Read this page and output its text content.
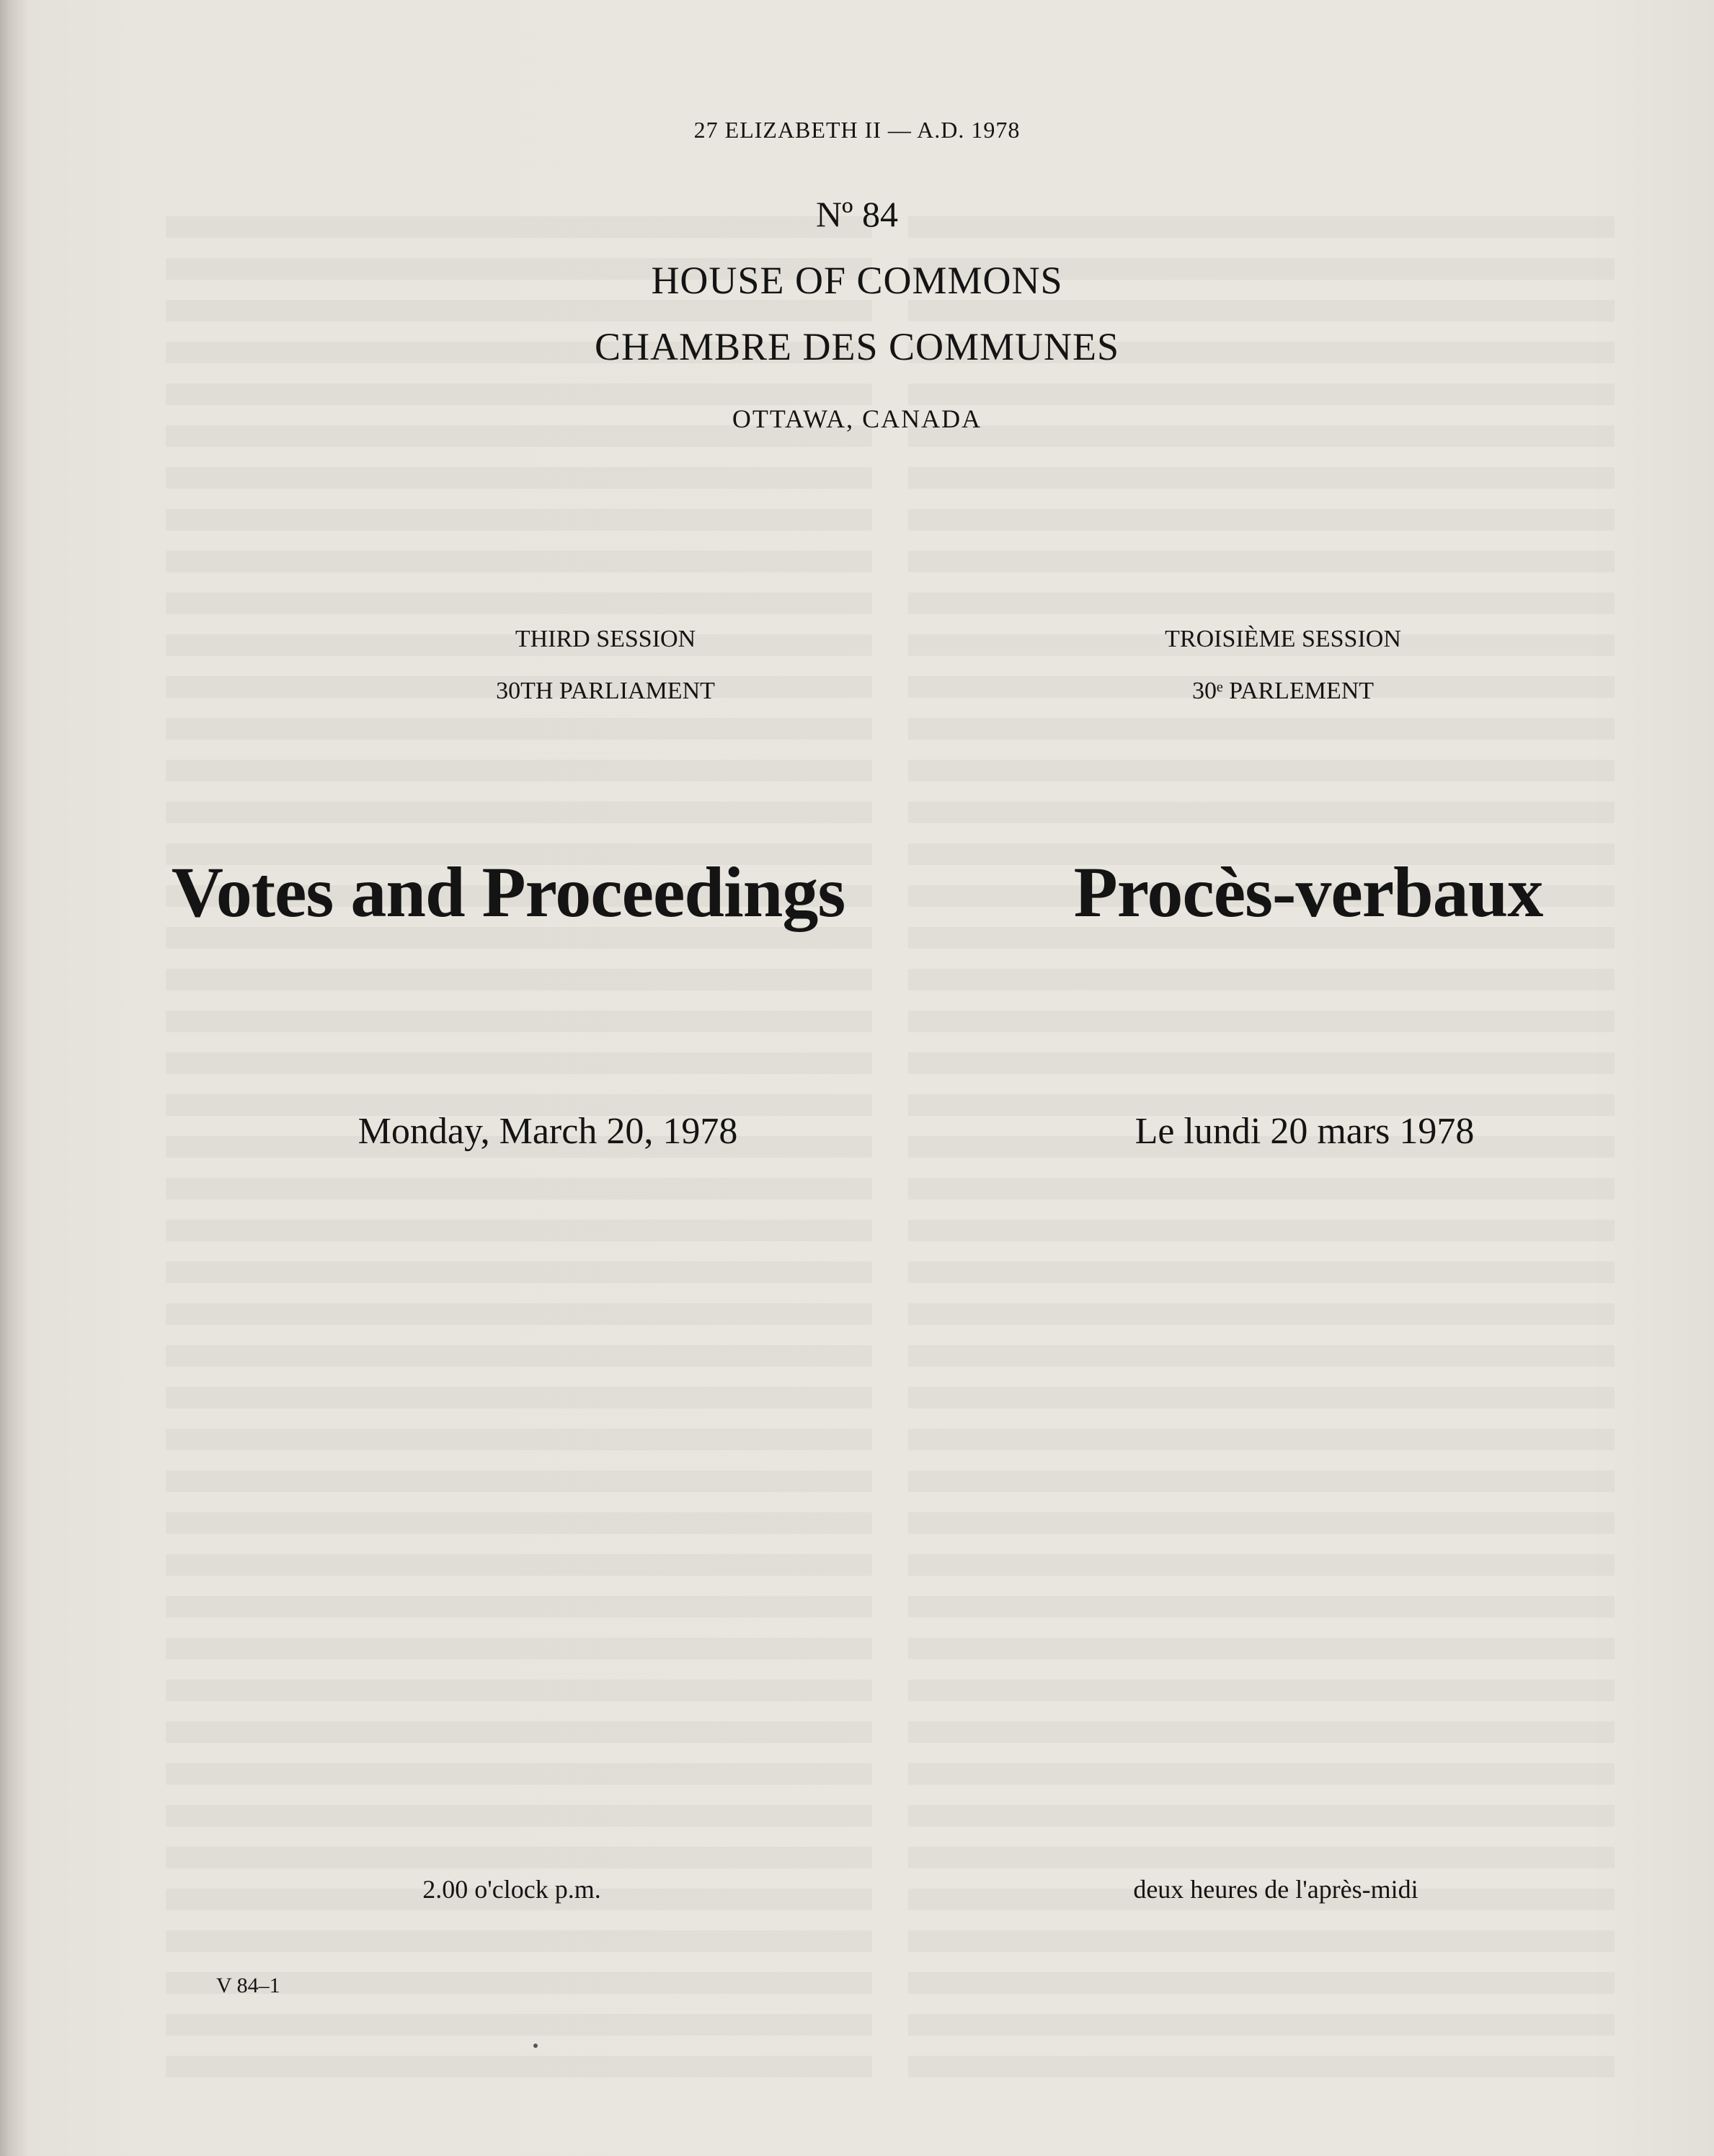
27 ELIZABETH II — A.D. 1978
Nº 84
HOUSE OF COMMONS
CHAMBRE DES COMMUNES
OTTAWA, CANADA
THIRD SESSION
30TH PARLIAMENT
TROISIÈME SESSION
30ᵉ PARLEMENT
Votes and Proceedings	Procès-verbaux
Monday, March 20, 1978	Le lundi 20 mars 1978
2.00 o'clock p.m.	deux heures de l'après-midi
V 84–1
